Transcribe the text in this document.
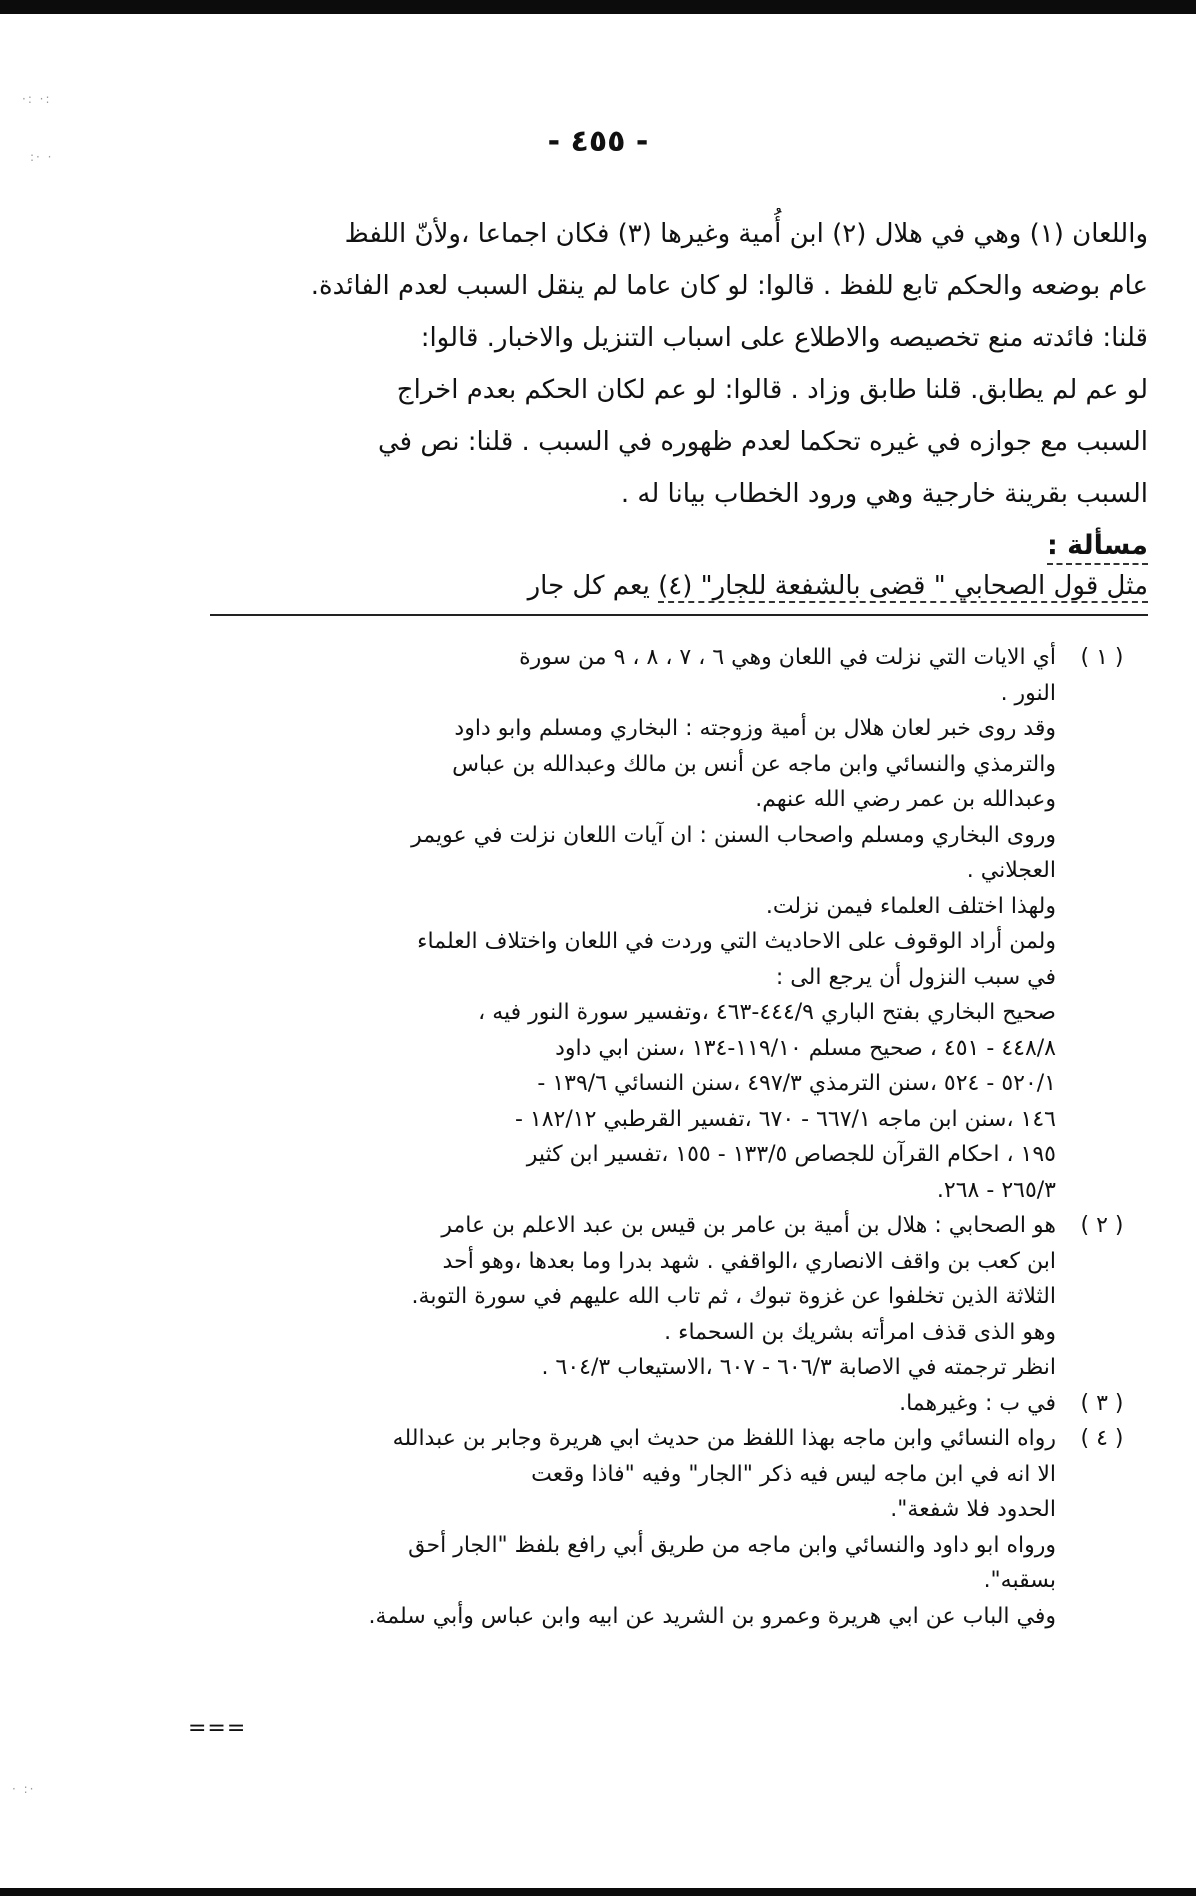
·: ·:
:· ·
· :·
- ٤٥٥ -
واللعان (١) وهي في هلال (٢) ابن أُمية وغيرها (٣) فكان اجماعا ،ولأنّ اللفظ
عام بوضعه والحكم تابع للفظ . قالوا: لو كان عاما لم ينقل السبب لعدم الفائدة.
قلنا: فائدته منع تخصيصه والاطلاع على اسباب التنزيل والاخبار. قالوا:
لو عم لم يطابق. قلنا طابق وزاد . قالوا: لو عم لكان الحكم بعدم اخراج
السبب مع جوازه في غيره تحكما لعدم ظهوره في السبب . قلنا: نص في
السبب بقرينة خارجية وهي ورود الخطاب بيانا له .
مسألة :
مثل قول الصحابي " قضى بالشفعة للجار" (٤) يعم كل جار
( ١ )
أي الايات التي نزلت في اللعان وهي ٦ ، ٧ ، ٨ ، ٩ من سورة
النور .
وقد روى خبر لعان هلال بن أمية وزوجته : البخاري ومسلم وابو داود
والترمذي والنسائي وابن ماجه عن أنس بن مالك وعبدالله بن عباس
وعبدالله بن عمر رضي الله عنهم.
وروى البخاري ومسلم واصحاب السنن : ان آيات اللعان نزلت في عويمر
العجلاني .
ولهذا اختلف العلماء فيمن نزلت.
ولمن أراد الوقوف على الاحاديث التي وردت في اللعان واختلاف العلماء
في سبب النزول أن يرجع الى :
صحيح البخاري بفتح الباري ٤٤٤/٩-٤٦٣ ،وتفسير سورة النور فيه ،
٤٤٨/٨ - ٤٥١ ، صحيح مسلم ١١٩/١٠-١٣٤ ،سنن ابي داود
٥٢٠/١ - ٥٢٤ ،سنن الترمذي ٤٩٧/٣ ،سنن النسائي ١٣٩/٦ -
١٤٦ ،سنن ابن ماجه ٦٦٧/١ - ٦٧٠ ،تفسير القرطبي ١٨٢/١٢ -
١٩٥ ، احكام القرآن للجصاص ١٣٣/٥ - ١٥٥ ،تفسير ابن كثير
٢٦٥/٣ - ٢٦٨.
( ٢ )
هو الصحابي : هلال بن أمية بن عامر بن قيس بن عبد الاعلم بن عامر
ابن كعب بن واقف الانصاري ،الواقفي . شهد بدرا وما بعدها ،وهو أحد
الثلاثة الذين تخلفوا عن غزوة تبوك ، ثم تاب الله عليهم في سورة التوبة.
وهو الذى قذف امرأته بشريك بن السحماء .
انظر ترجمته في الاصابة ٦٠٦/٣ - ٦٠٧ ،الاستيعاب ٦٠٤/٣ .
( ٣ )
في ب : وغيرهما.
( ٤ )
رواه النسائي وابن ماجه بهذا اللفظ من حديث ابي هريرة وجابر بن عبدالله
الا انه في ابن ماجه ليس فيه ذكر "الجار" وفيه "فاذا وقعت
الحدود فلا شفعة".
ورواه ابو داود والنسائي وابن ماجه من طريق أبي رافع بلفظ "الجار أحق
بسقبه".
وفي الباب عن ابي هريرة وعمرو بن الشريد عن ابيه وابن عباس وأبي سلمة.
===
